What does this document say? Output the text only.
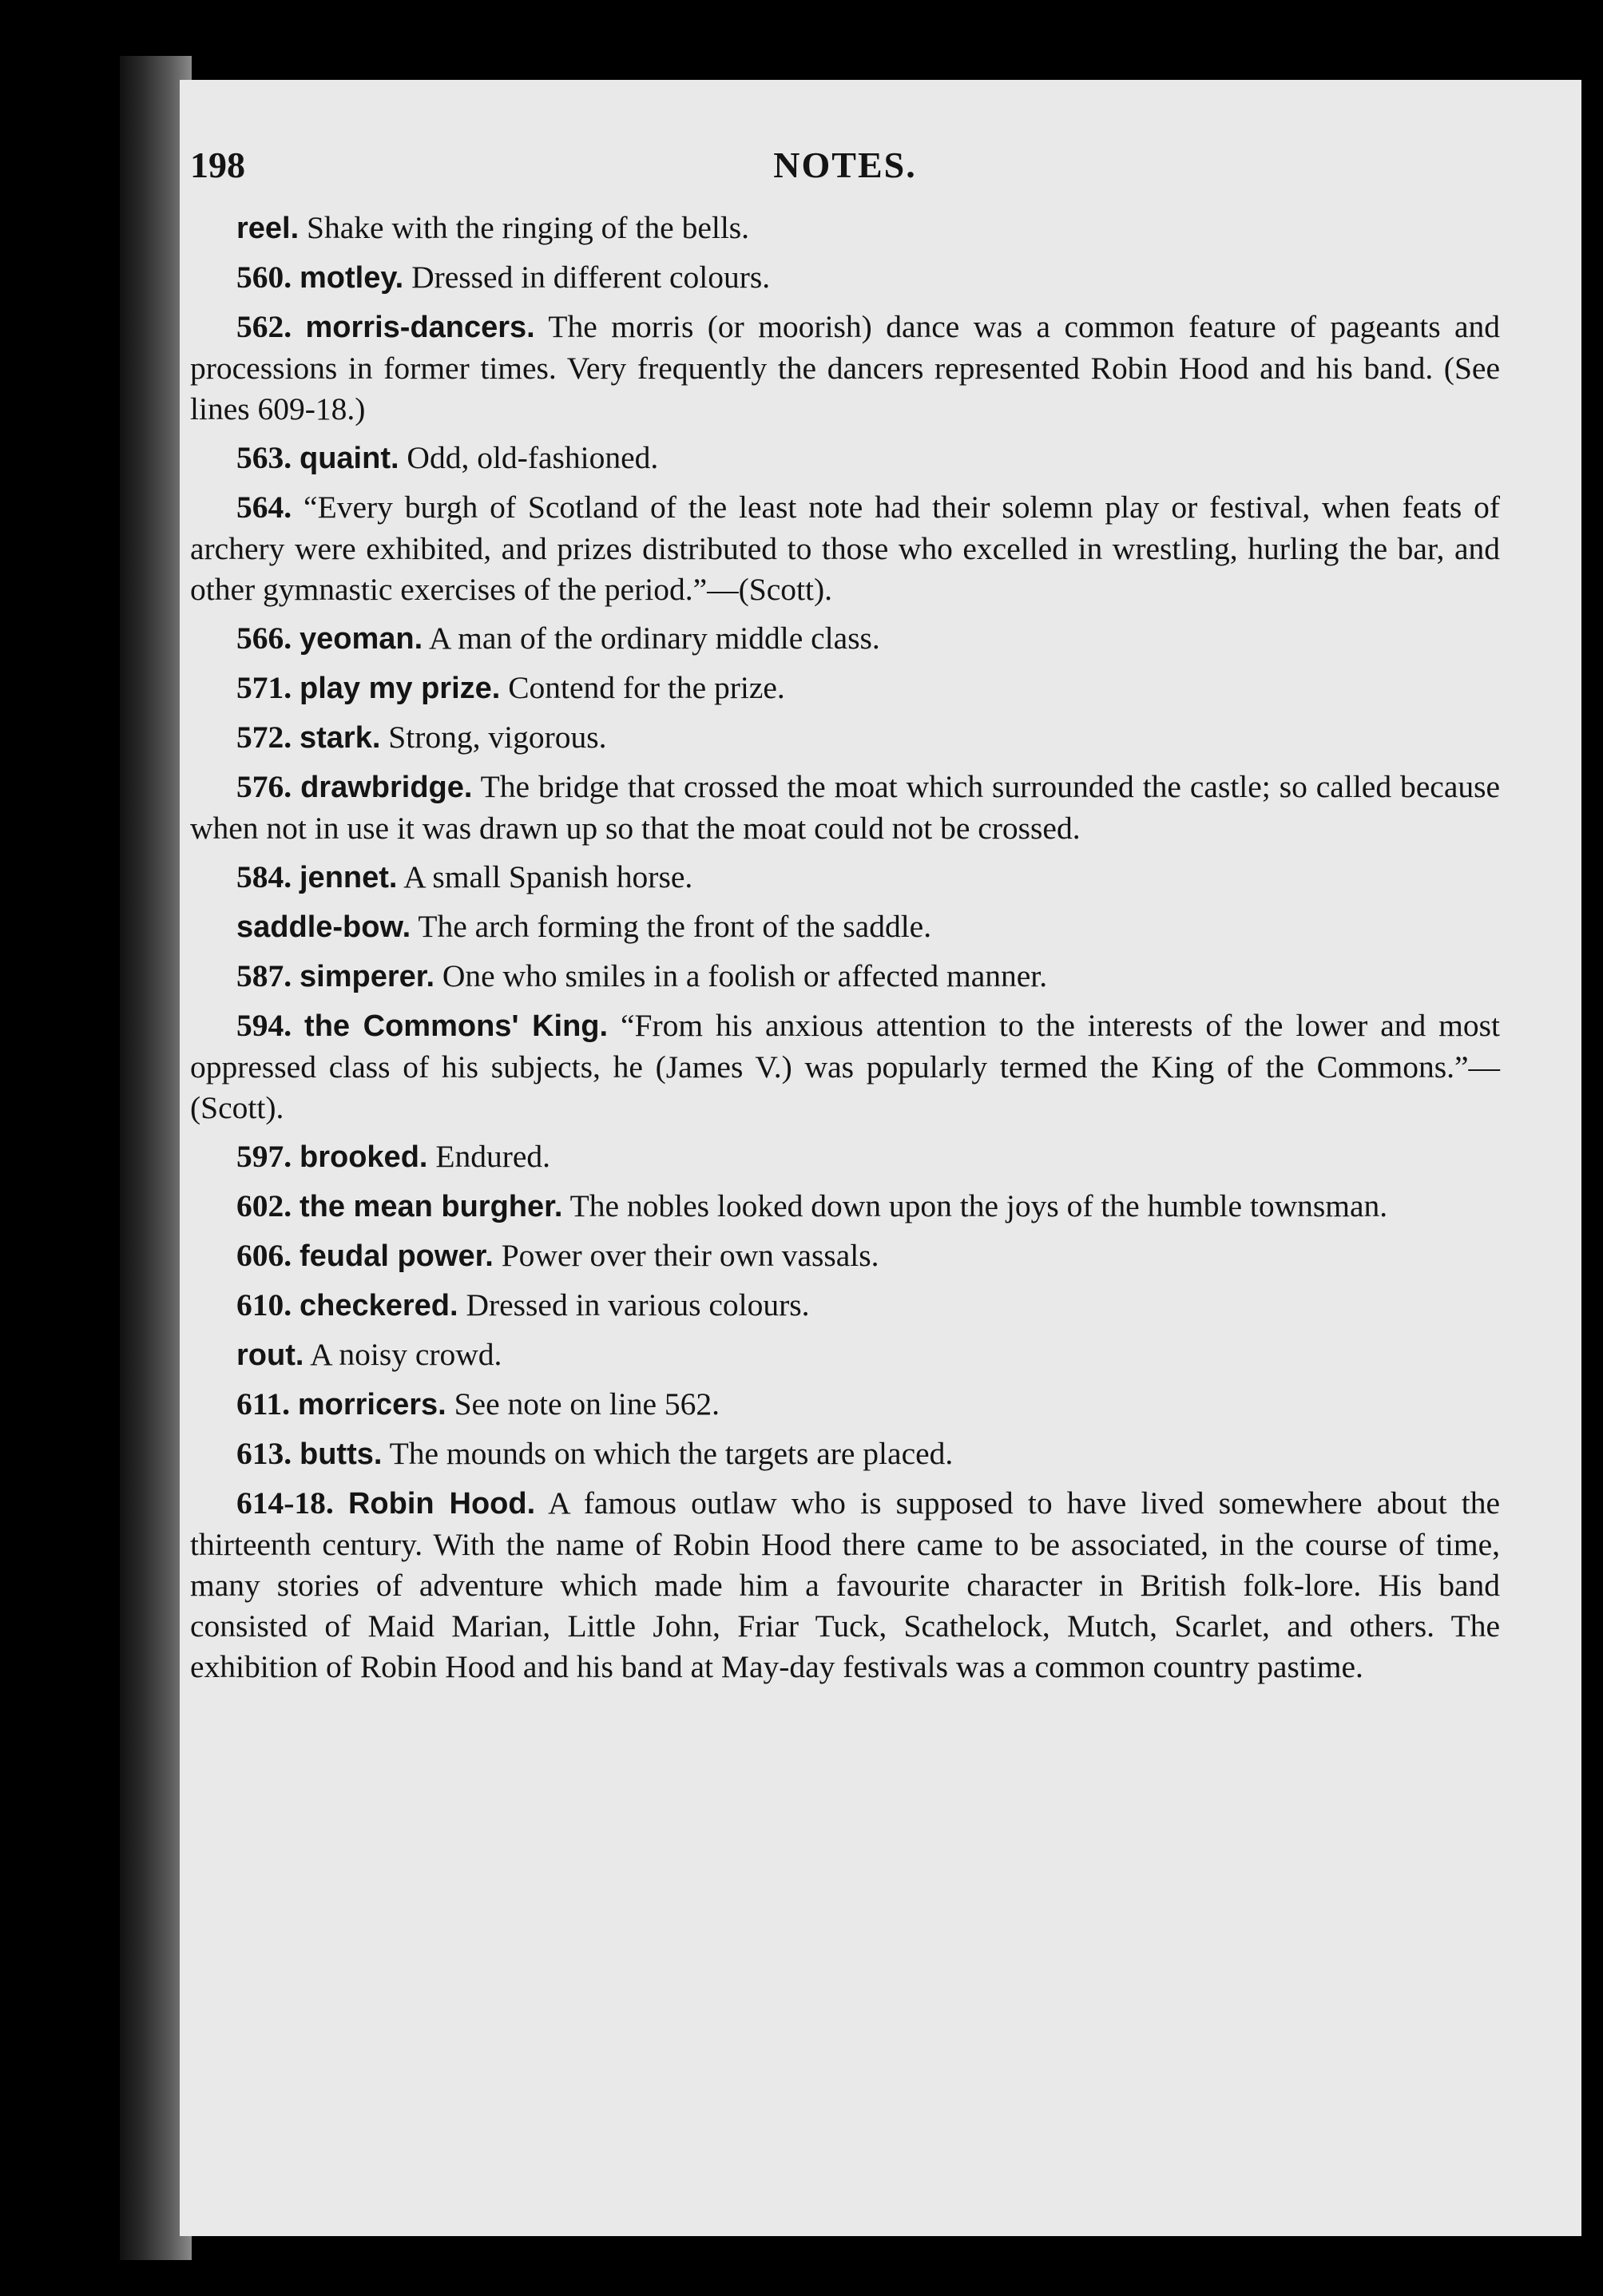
198	NOTES.

reel. Shake with the ringing of the bells.

560. motley. Dressed in different colours.

562. morris-dancers. The morris (or moorish) dance was a common feature of pageants and processions in former times. Very frequently the dancers represented Robin Hood and his band. (See lines 609-18.)

563. quaint. Odd, old-fashioned.

564. “Every burgh of Scotland of the least note had their solemn play or festival, when feats of archery were exhibited, and prizes distributed to those who excelled in wrestling, hurling the bar, and other gymnastic exercises of the period.”—(Scott).

566. yeoman. A man of the ordinary middle class.

571. play my prize. Contend for the prize.

572. stark. Strong, vigorous.

576. drawbridge. The bridge that crossed the moat which surrounded the castle; so called because when not in use it was drawn up so that the moat could not be crossed.

584. jennet. A small Spanish horse.

saddle-bow. The arch forming the front of the saddle.

587. simperer. One who smiles in a foolish or affected manner.

594. the Commons' King. “From his anxious attention to the interests of the lower and most oppressed class of his subjects, he (James V.) was popularly termed the King of the Commons.”—(Scott).

597. brooked. Endured.

602. the mean burgher. The nobles looked down upon the joys of the humble townsman.

606. feudal power. Power over their own vassals.

610. checkered. Dressed in various colours.

rout. A noisy crowd.

611. morricers. See note on line 562.

613. butts. The mounds on which the targets are placed.

614-18. Robin Hood. A famous outlaw who is supposed to have lived somewhere about the thirteenth century. With the name of Robin Hood there came to be associated, in the course of time, many stories of adventure which made him a favourite character in British folk-lore. His band consisted of Maid Marian, Little John, Friar Tuck, Scathelock, Mutch, Scarlet, and others. The exhibition of Robin Hood and his band at May-day festivals was a common country pastime.
